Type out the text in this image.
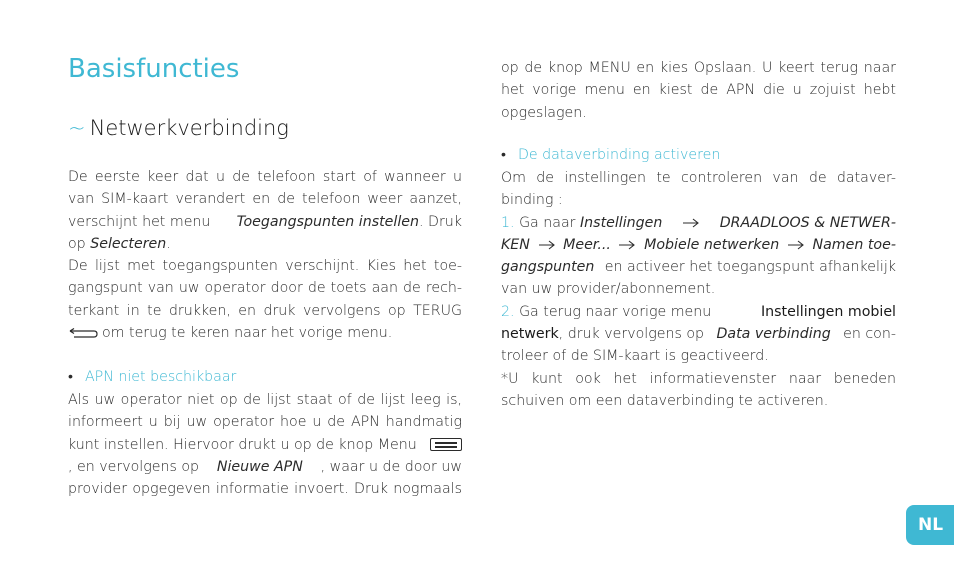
Basisfuncties
~ Netwerkverbinding
De eerste keer dat u de telefoon start of wanneer u
van SIM-kaart verandert en de telefoon weer aanzet,
verschijnt het menu Toegangspunten instellen. Druk
op Selecteren.
De lijst met toegangspunten verschijnt. Kies het toe-
gangspunt van uw operator door de toets aan de rech-
terkant in te drukken, en druk vervolgens op TERUG
om terug te keren naar het vorige menu.
• APN niet beschikbaar
Als uw operator niet op de lijst staat of de lijst leeg is,
informeert u bij uw operator hoe u de APN handmatig
kunt instellen. Hiervoor drukt u op de knop Menu
, en vervolgens op Nieuwe APN , waar u de door uw
provider opgegeven informatie invoert. Druk nogmaals
op de knop MENU en kies Opslaan. U keert terug naar
het vorige menu en kiest de APN die u zojuist hebt
opgeslagen.
• De dataverbinding activeren
Om de instellingen te controleren van de dataver-
binding :
1. Ga naar Instellingen	DRAADLOOS & NETWER-
KEN Meer... Mobiele netwerken Namen toe-
gangspunten en activeer het toegangspunt afhankelijk
van uw provider/abonnement.
2. Ga terug naar vorige menu	Instellingen mobiel
netwerk, druk vervolgens op Data verbinding en con-
troleer of de SIM-kaart is geactiveerd.
*U kunt ook het informatievenster naar beneden
schuiven om een dataverbinding te activeren.
NL
